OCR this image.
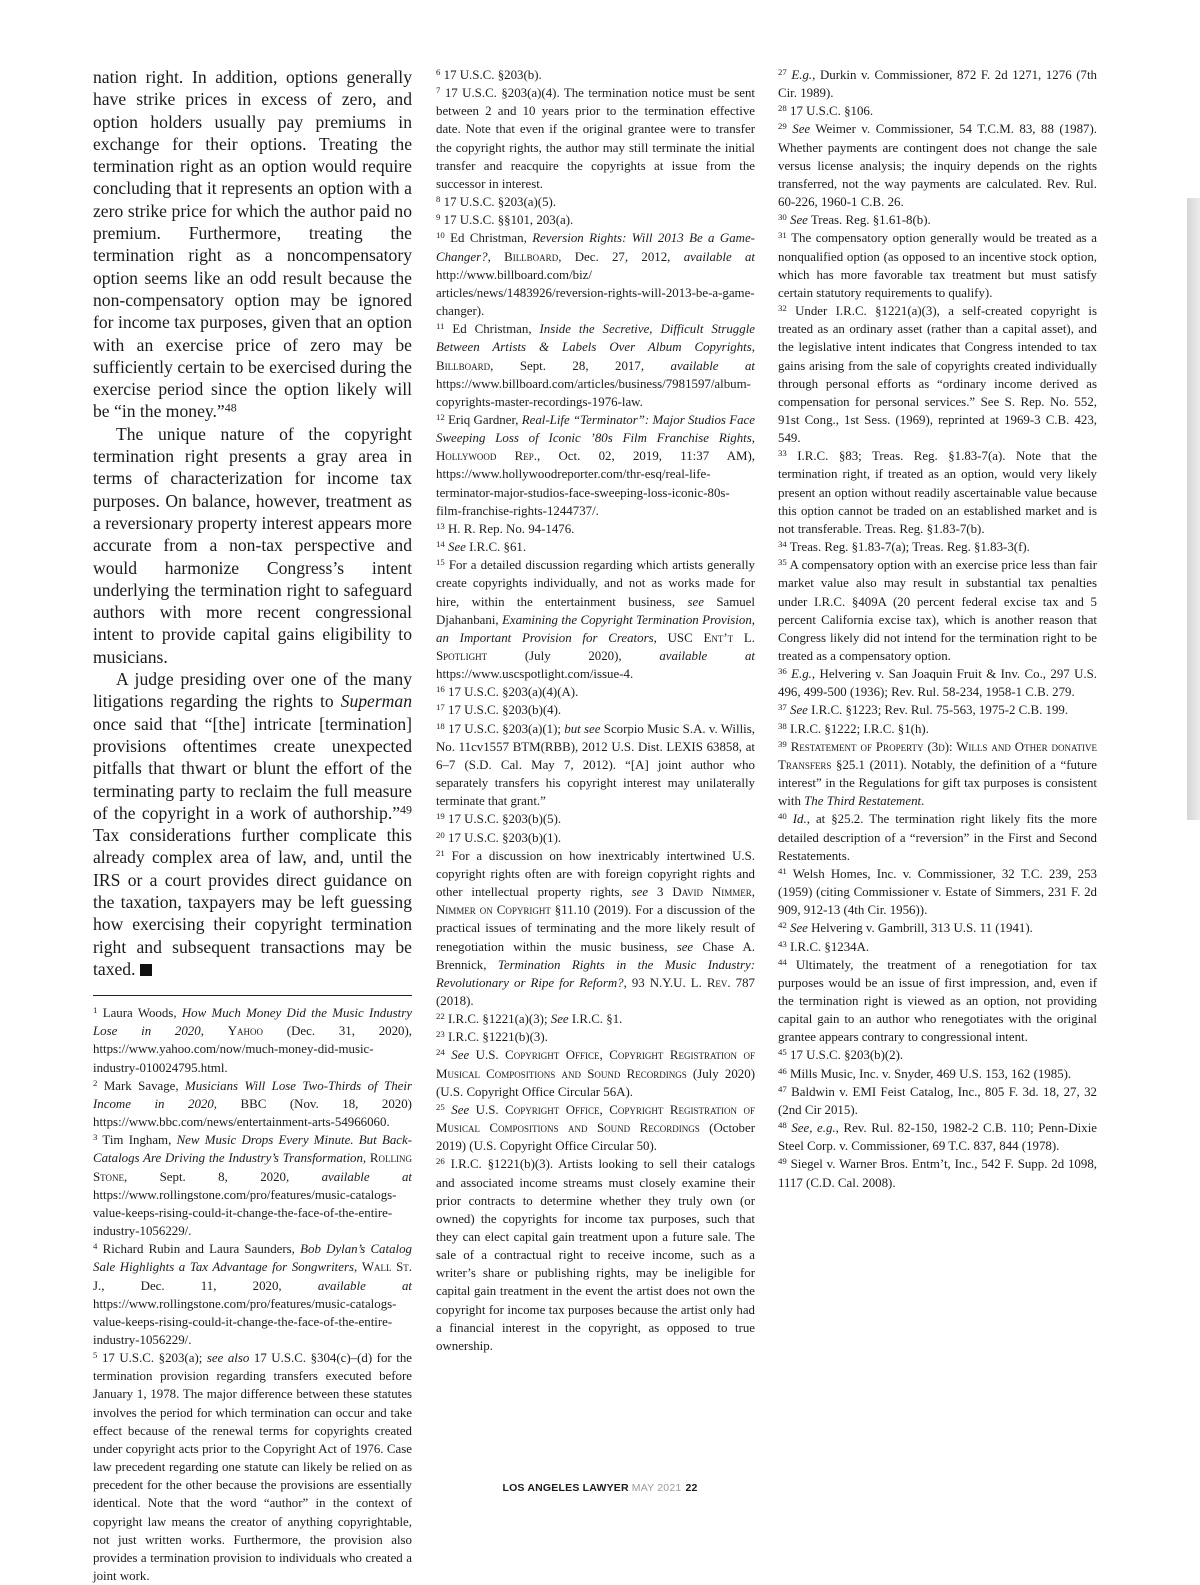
nation right. In addition, options generally have strike prices in excess of zero, and option holders usually pay premiums in exchange for their options. Treating the termination right as an option would require concluding that it represents an option with a zero strike price for which the author paid no premium. Furthermore, treating the termination right as a noncompensatory option seems like an odd result because the non-compensatory option may be ignored for income tax purposes, given that an option with an exercise price of zero may be sufficiently certain to be exercised during the exercise period since the option likely will be “in the money.”$^{48}$

The unique nature of the copyright termination right presents a gray area in terms of characterization for income tax purposes. On balance, however, treatment as a reversionary property interest appears more accurate from a non-tax perspective and would harmonize Congress’s intent underlying the termination right to safeguard authors with more recent congressional intent to provide capital gains eligibility to musicians.

A judge presiding over one of the many litigations regarding the rights to Superman once said that “[the] intricate [termination] provisions oftentimes create unexpected pitfalls that thwart or blunt the effort of the terminating party to reclaim the full measure of the copyright in a work of authorship.”$^{49}$ Tax considerations further complicate this already complex area of law, and, until the IRS or a court provides direct guidance on the taxation, taxpayers may be left guessing how exercising their copyright termination right and subsequent transactions may be taxed.

$^1$ Laura Woods, How Much Money Did the Music Industry Lose in 2020, Yahoo (Dec. 31, 2020), https://www.yahoo.com/now/much-money-did-music-industry-010024795.html.

$^2$ Mark Savage, Musicians Will Lose Two-Thirds of Their Income in 2020, BBC (Nov. 18, 2020) https://www.bbc.com/news/entertainment-arts-54966060.

$^3$ Tim Ingham, New Music Drops Every Minute. But Back-Catalogs Are Driving the Industry’s Transformation, Rolling Stone, Sept. 8, 2020, available at https://www.rollingstone.com/pro/features/music-catalogs-value-keeps-rising-could-it-change-the-face-of-the-entire-industry-1056229/.

$^4$ Richard Rubin and Laura Saunders, Bob Dylan’s Catalog Sale Highlights a Tax Advantage for Songwriters, Wall St. J., Dec. 11, 2020, available at https://www.rollingstone.com/pro/features/music-catalogs-value-keeps-rising-could-it-change-the-face-of-the-entire-industry-1056229/.

$^5$ 17 U.S.C. §203(a); see also 17 U.S.C. §304(c)–(d) for the termination provision regarding transfers executed before January 1, 1978. The major difference between these statutes involves the period for which termination can occur and take effect because of the renewal terms for copyrights created under copyright acts prior to the Copyright Act of 1976. Case law precedent regarding one statute can likely be relied on as precedent for the other because the provisions are essentially identical. Note that the word “author” in the context of copyright law means the creator of anything copyrightable, not just written works. Furthermore, the provision also provides a termination provision to individuals who created a joint work.

$^6$ 17 U.S.C. §203(b).

$^7$ 17 U.S.C. §203(a)(4). The termination notice must be sent between 2 and 10 years prior to the termination effective date. Note that even if the original grantee were to transfer the copyright rights, the author may still terminate the initial transfer and reacquire the copyrights at issue from the successor in interest.

$^8$ 17 U.S.C. §203(a)(5).

$^9$ 17 U.S.C. §§101, 203(a).

$^{10}$ Ed Christman, Reversion Rights: Will 2013 Be a Game-Changer?, Billboard, Dec. 27, 2012, available at http://www.billboard.com/biz/ articles/news/1483926/reversion-rights-will-2013-be-a-game-changer).

$^{11}$ Ed Christman, Inside the Secretive, Difficult Struggle Between Artists & Labels Over Album Copyrights, Billboard, Sept. 28, 2017, available at https://www.billboard.com/articles/business/7981597/album-copyrights-master-recordings-1976-law.

$^{12}$ Eriq Gardner, Real-Life “Terminator”: Major Studios Face Sweeping Loss of Iconic ’80s Film Franchise Rights, Hollywood Rep., Oct. 02, 2019, 11:37 AM), https://www.hollywoodreporter.com/thr-esq/real-life-terminator-major-studios-face-sweeping-loss-iconic-80s-film-franchise-rights-1244737/.

$^{13}$ H. R. Rep. No. 94-1476.

$^{14}$ See I.R.C. §61.

$^{15}$ For a detailed discussion regarding which artists generally create copyrights individually, and not as works made for hire, within the entertainment business, see Samuel Djahanbani, Examining the Copyright Termination Provision, an Important Provision for Creators, USC Ent’t L. Spotlight (July 2020), available at https://www.uscspotlight.com/issue-4.

$^{16}$ 17 U.S.C. §203(a)(4)(A).

$^{17}$ 17 U.S.C. §203(b)(4).

$^{18}$ 17 U.S.C. §203(a)(1); but see Scorpio Music S.A. v. Willis, No. 11cv1557 BTM(RBB), 2012 U.S. Dist. LEXIS 63858, at 6–7 (S.D. Cal. May 7, 2012). “[A] joint author who separately transfers his copyright interest may unilaterally terminate that grant.”

$^{19}$ 17 U.S.C. §203(b)(5).

$^{20}$ 17 U.S.C. §203(b)(1).

$^{21}$ For a discussion on how inextricably intertwined U.S. copyright rights often are with foreign copyright rights and other intellectual property rights, see 3 David Nimmer, Nimmer on Copyright §11.10 (2019). For a discussion of the practical issues of terminating and the more likely result of renegotiation within the music business, see Chase A. Brennick, Termination Rights in the Music Industry: Revolutionary or Ripe for Reform?, 93 N.Y.U. L. Rev. 787 (2018).

$^{22}$ I.R.C. §1221(a)(3); See I.R.C. §1.

$^{23}$ I.R.C. §1221(b)(3).

$^{24}$ See U.S. Copyright Office, Copyright Registration of Musical Compositions and Sound Recordings (July 2020) (U.S. Copyright Office Circular 56A).

$^{25}$ See U.S. Copyright Office, Copyright Registration of Musical Compositions and Sound Recordings (October 2019) (U.S. Copyright Office Circular 50).

$^{26}$ I.R.C. §1221(b)(3). Artists looking to sell their catalogs and associated income streams must closely examine their prior contracts to determine whether they truly own (or owned) the copyrights for income tax purposes, such that they can elect capital gain treatment upon a future sale. The sale of a contractual right to receive income, such as a writer’s share or publishing rights, may be ineligible for capital gain treatment in the event the artist does not own the copyright for income tax purposes because the artist only had a financial interest in the copyright, as opposed to true ownership.

$^{27}$ E.g., Durkin v. Commissioner, 872 F. 2d 1271, 1276 (7th Cir. 1989).

$^{28}$ 17 U.S.C. §106.

$^{29}$ See Weimer v. Commissioner, 54 T.C.M. 83, 88 (1987). Whether payments are contingent does not change the sale versus license analysis; the inquiry depends on the rights transferred, not the way payments are calculated. Rev. Rul. 60-226, 1960-1 C.B. 26.

$^{30}$ See Treas. Reg. §1.61-8(b).

$^{31}$ The compensatory option generally would be treated as a nonqualified option (as opposed to an incentive stock option, which has more favorable tax treatment but must satisfy certain statutory requirements to qualify).

$^{32}$ Under I.R.C. §1221(a)(3), a self-created copyright is treated as an ordinary asset (rather than a capital asset), and the legislative intent indicates that Congress intended to tax gains arising from the sale of copyrights created individually through personal efforts as “ordinary income derived as compensation for personal services.” See S. Rep. No. 552, 91st Cong., 1st Sess. (1969), reprinted at 1969-3 C.B. 423, 549.

$^{33}$ I.R.C. §83; Treas. Reg. §1.83-7(a). Note that the termination right, if treated as an option, would very likely present an option without readily ascertainable value because this option cannot be traded on an established market and is not transferable. Treas. Reg. §1.83-7(b).

$^{34}$ Treas. Reg. §1.83-7(a); Treas. Reg. §1.83-3(f).

$^{35}$ A compensatory option with an exercise price less than fair market value also may result in substantial tax penalties under I.R.C. §409A (20 percent federal excise tax and 5 percent California excise tax), which is another reason that Congress likely did not intend for the termination right to be treated as a compensatory option.

$^{36}$ E.g., Helvering v. San Joaquin Fruit & Inv. Co., 297 U.S. 496, 499-500 (1936); Rev. Rul. 58-234, 1958-1 C.B. 279.

$^{37}$ See I.R.C. §1223; Rev. Rul. 75-563, 1975-2 C.B. 199.

$^{38}$ I.R.C. §1222; I.R.C. §1(h).

$^{39}$ Restatement of Property (3d): Wills and Other donative Transfers §25.1 (2011). Notably, the definition of a “future interest” in the Regulations for gift tax purposes is consistent with The Third Restatement.

$^{40}$ Id., at §25.2. The termination right likely fits the more detailed description of a “reversion” in the First and Second Restatements.

$^{41}$ Welsh Homes, Inc. v. Commissioner, 32 T.C. 239, 253 (1959) (citing Commissioner v. Estate of Simmers, 231 F. 2d 909, 912-13 (4th Cir. 1956)).

$^{42}$ See Helvering v. Gambrill, 313 U.S. 11 (1941).

$^{43}$ I.R.C. §1234A.

$^{44}$ Ultimately, the treatment of a renegotiation for tax purposes would be an issue of first impression, and, even if the termination right is viewed as an option, not providing capital gain to an author who renegotiates with the original grantee appears contrary to congressional intent.

$^{45}$ 17 U.S.C. §203(b)(2).

$^{46}$ Mills Music, Inc. v. Snyder, 469 U.S. 153, 162 (1985).

$^{47}$ Baldwin v. EMI Feist Catalog, Inc., 805 F. 3d. 18, 27, 32 (2nd Cir 2015).

$^{48}$ See, e.g., Rev. Rul. 82-150, 1982-2 C.B. 110; Penn-Dixie Steel Corp. v. Commissioner, 69 T.C. 837, 844 (1978).

$^{49}$ Siegel v. Warner Bros. Entm’t, Inc., 542 F. Supp. 2d 1098, 1117 (C.D. Cal. 2008).

LOS ANGELES LAWYER MAY 2021 22
